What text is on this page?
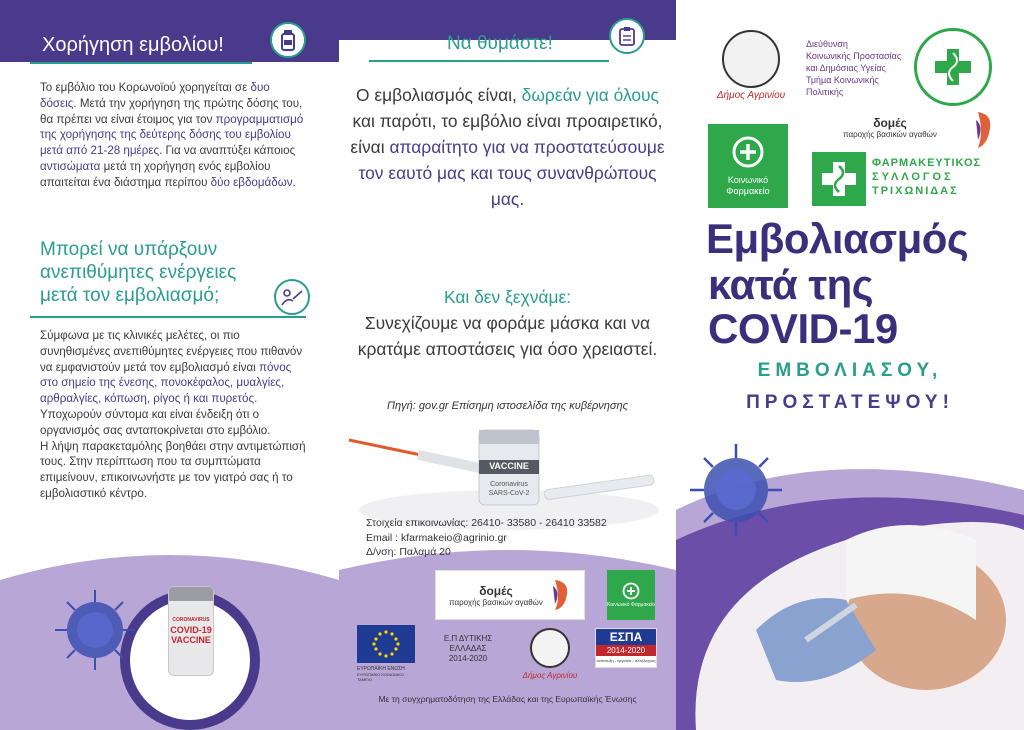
Χορήγηση εμβολίου!
Το εμβόλιο του Κορωνοϊού χορηγείται σε δυο δόσεις. Μετά την χορήγηση της πρώτης δόσης του, θα πρέπει να είναι έτοιμος για τον προγραμματισμό της χορήγησης της δεύτερης δόσης του εμβολίου μετά από 21-28 ημέρες. Για να αναπτύξει κάποιος αντισώματα μετά τη χορήγηση ενός εμβολίου απαιτείται ένα διάστημα περίπου δύο εβδομάδων.
Μπορεί να υπάρξουν ανεπιθύμητες ενέργειες μετά τον εμβολιασμό;
Σύμφωνα με τις κλινικές μελέτες, οι πιο συνηθισμένες ανεπιθύμητες ενέργειες που πιθανόν να εμφανιστούν μετά τον εμβολιασμό είναι πόνος στο σημείο της ένεσης, πονοκέφαλος, μυαλγίες, αρθραλγίες, κόπωση, ρίγος ή και πυρετός. Υποχωρούν σύντομα και είναι ένδειξη ότι ο οργανισμός σας ανταποκρίνεται στο εμβόλιο.
Η λήψη παρακεταμόλης βοηθάει στην αντιμετώπισή τους. Στην περίπτωση που τα συμπτώματα επιμείνουν, επικοινωνήστε με τον γιατρό σας ή το εμβολιαστικό κέντρο.
CORONAVIRUS
COVID-19
VACCINE
Να θυμάστε!
Ο εμβολιασμός είναι, δωρεάν για όλους και παρότι, το εμβόλιο είναι προαιρετικό, είναι απαραίτητο για να προστατεύσουμε τον εαυτό μας και τους συνανθρώπους μας.
Και δεν ξεχνάμε:
Συνεχίζουμε να φοράμε μάσκα και να κρατάμε αποστάσεις για όσο χρειαστεί.
Πηγή: gov.gr Επίσημη ιστοσελίδα της κυβέρνησης
VACCINE
Coronavirus SARS-CoV-2
Στοιχεία επικοινωνίας: 26410- 33580 - 26410 33582
Email : kfarmakeio@agrinio.gr
Δ/νση: Παλαμά 20
δομές
παροχής βασικών αγαθών	Κοινωνικό Φαρμακείο
ΕΥΡΩΠΑΪΚΗ ΕΝΩΣΗ
ΕΥΡΩΠΑΪΚΟ ΚΟΙΝΩΝΙΚΟ ΤΑΜΕΙΟ
Ε.Π ΔΥΤΙΚΗΣ
ΕΛΛΑΔΑΣ
2014-2020
Δήμος Αγρινίου
ΕΣΠΑ
2014-2020
ανάπτυξη - εργασία - αλληλεγγύη
Με τη συγχρηματοδότηση της Ελλάδας και της Ευρωπαϊκής Ένωσης
Δήμος Αγρινίου
Διεύθυνση
Κοινωνικής Προστασίας
και Δημόσιας Υγείας
Τμήμα Κοινωνικής
Πολιτικής
Κοινωνικό Φαρμακείο
δομές
παροχής βασικών αγαθών
ΦΑΡΜΑΚΕΥΤΙΚΟΣ
ΣΥΛΛΟΓΟΣ
ΤΡΙΧΩΝΙΔΑΣ
Εμβολιασμός
κατά της
COVID-19
ΕΜΒΟΛΙΑΣΟΥ,
ΠΡΟΣΤΑΤΕΨΟΥ!
